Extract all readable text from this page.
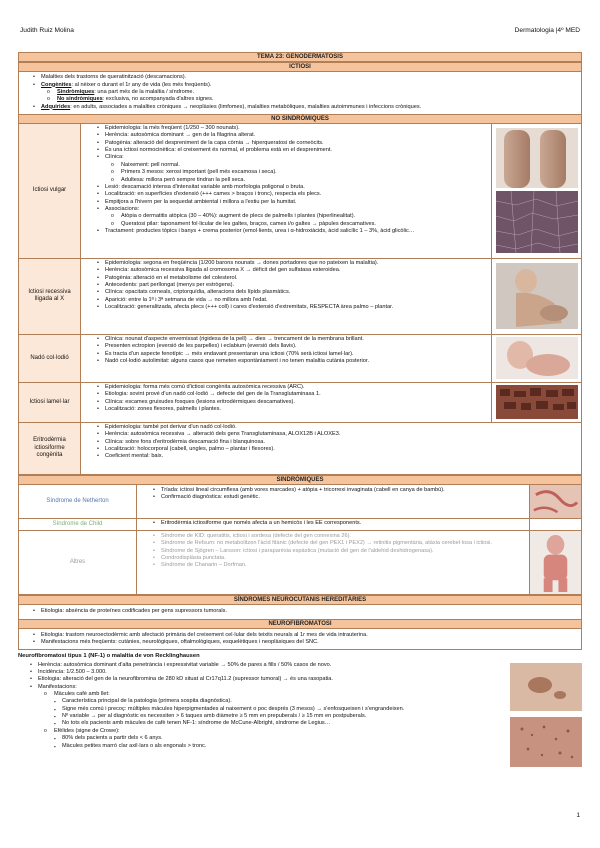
Judith Ruiz Molina	Dermatologia |4º MED
TEMA 23: GENODERMATOSIS
ICTIOSI
• Malalties dels trastorns de queratinització (descamacions).
• Congènites: al nèixer o durant el 1r any de vida (les més freqüents).
o Sindròmiques: una part més de la malaltia / síndrome.
o No sindròmiques: exclusiva, no acompanyada d'altres signes.
• Adquirides: en adults, associades a malalties cròniques → neoplàsies (limfomes), malalties metabòliques, malalties autoimmunes i infeccions cròniques.
NO SINDRÒMIQUES
Ictiosi vulgar
• Epidemiologia: la més freqüent (1/250 – 300 nounats).
• Herència: autosòmica dominant → gen de la filagrina alterat.
• Patogènia: alteració del despreniment de la capa còrnia → hiperqueratosi de corneòcits.
• És una ictiosi normocinètica: el creixement és normal, el problema està en el despreniment.
• Clínica:
o Naixement: pell normal.
o Primers 3 mesos: xerosi important (pell més escamosa i seca).
o Adultesa: millora però sempre tindran la pell seca.
• Lesió: descamació intensa d'intensitat variable amb morfologia poligonal o bruta.
• Localització: en superfícies d'extensió (+++ cames > braços i tronc), respecta els plecs.
• Empitjora a l'hivern per la sequedat ambiental i millora a l'estiu per la humitat.
• Associacions:
o Atòpia o dermatitis atòpica (30 – 40%): augment de plecs de palmells i plantes (hiperlinealitat).
o Queratosi pilar: taponament fol·licular de les galtes, braços, cames i/o galtes → pàpules descamatives.
• Tractament: productes tòpics i banys + crema posterior (emol·lients, urea i α-hidroxiàcids, àcid salicílic 1 – 3%, àcid glicòlic…
Ictiosi recessiva lligada al X
• Epidemiologia: segona en freqüència (1/200 barons nounats → dones portadores que no pateixen la malaltia).
• Herència: autosòmica recessiva lligada al cromosoma X → dèficit del gen sulfatasa esteroidea.
• Patogènia: alteració en el metabolisme del colesterol.
• Antecedents: part perllongat (menys per estrògens).
• Clínica: opacitats corneals, criptorquídia, alteracions dels lípids plasmàtics.
• Aparició: entre la 1ª i 3ª setmana de vida → no millora amb l'edat.
• Localització: generalitzada, afecta plecs (+++ coll) i cares d'extensió d'extremitats, RESPECTA àrea palmo – plantar.
Nadó col·lodió
• Clínica: nounat d'aspecte envernissat (rigidesa de la pell) → dies → trencament de la membrana brillant.
• Presenten ectropion (eversió de les parpelles) i eclabium (eversió dels llavis).
• És tracta d'un aspecte fenotípic → més endavant presentaran una ictiosi (70% serà ictiosi lamel·lar).
• Nadó col·lodió autolimitat: alguns casos que remeten espontàniament i no tenen malaltia cutània posterior.
Ictiosi lamel·lar
• Epidemiologia: forma més comú d'ictiosi congènita autosòmica recessiva (ARC).
• Etiologia: sovint prové d'un nadó col·lodió → defecte del gen de la Transglutaminasa 1.
• Clínica: escames gruixudes fosques (lesions eritrodèrmiques descamatives).
• Localització: zones flexores, palmells i plantes.
Eritrodèrmia ictiosiforme congènita
• Epidemiologia: també pot derivar d'un nadó col·lodió.
• Herència: autosòmica recessiva → alteració dels gens Transglutaminasa, ALOX12B i ALOXE3.
• Clínica: sobre fons d'eritrodèrmia descamació fina i blanquinosa.
• Localització: holocorporal (cabell, ungles, palmo – plantar i flexores).
• Coeficient mental: baix.
SINDRÒMIQUES
Síndrome de Netherton
• Tríada: ictiosi lineal circumflexa (amb vores marcades) + atòpia + tricorrexi invaginata (cabell en canya de bambú).
• Confirmació diagnòstica: estudi genètic.
Síndrome de Child
•	Eritrodèrmia ictiosiforme que només afecta a un hemicòs i les EE corresponents.
Altres
• Síndrome de KID: queratitis, ictiosi i sordesa (defecte del gen connexina 26).
• Síndrome de Refsum: no metabolitzen l'àcid fitànic (defecte del gen PEX1 i PEX2) → retinitis pigmentària, atàxia cerebel·losa i ictiosi.
• Síndrome de Sjögren – Larsson: ictiosi i paraparèsia espàstica (mutació del gen de l'aldehid deshidrogenasa).
• Condrodisplàsia punctata.
• Síndrome de Chanarin – Dorfman.
SÍNDROMES NEUROCUTANIS HEREDITÀRIES
• Etiologia: absència de proteïnes codificades per gens supressors tumorals.
NEUROFIBROMATOSI
• Etiologia: trastorn neuroectodèrmic amb afectació primària del creixement cel·lular dels teixits neurals al 1r mes de vida intrauterina.
• Manifestacions més freqüents: cutànies, neurològiques, oftalmològiques, esquelètiques i neoplàsiques del SNC.
Neurofibromatosi tipus 1 (NF-1) o malaltia de von Recklinghausen
• Herència: autosòmica dominant d'alta penetrància i expressivitat variable → 50% de pares a fills / 50% casos de novo.
• Incidència: 1/2.500 – 3.000.
• Etiologia: alteració del gen de la neurofibromina de 280 kD situat al Cr17q11.2 (supressor tumoral) → és una rasopatia.
• Manifestacions:
o Màcules cafè amb llet:
▪ Característica principal de la patologia (primera sospita diagnòstica).
▪ Signe més comú i precoç: múltiples màcules hiperpigmentades al naixement o poc després (3 mesos) → s'enfosqueixen i s'engrandeixen.
▪ Nº variable → per al diagnòstic es necessiten > 6 taques amb diàmetre ≥ 5 mm en prepuberals / ≥ 15 mm en postpuberals.
▪ No tots els pacients amb màcules de cafè tenen NF-1: síndrome de McCune-Albright, síndrome de Legius…
o Efèlides (signe de Crowe):
▪ 80% dels pacients a partir dels < 6 anys.
▪ Màcules petites marró clar axil·lars o als engonals > tronc.
1
